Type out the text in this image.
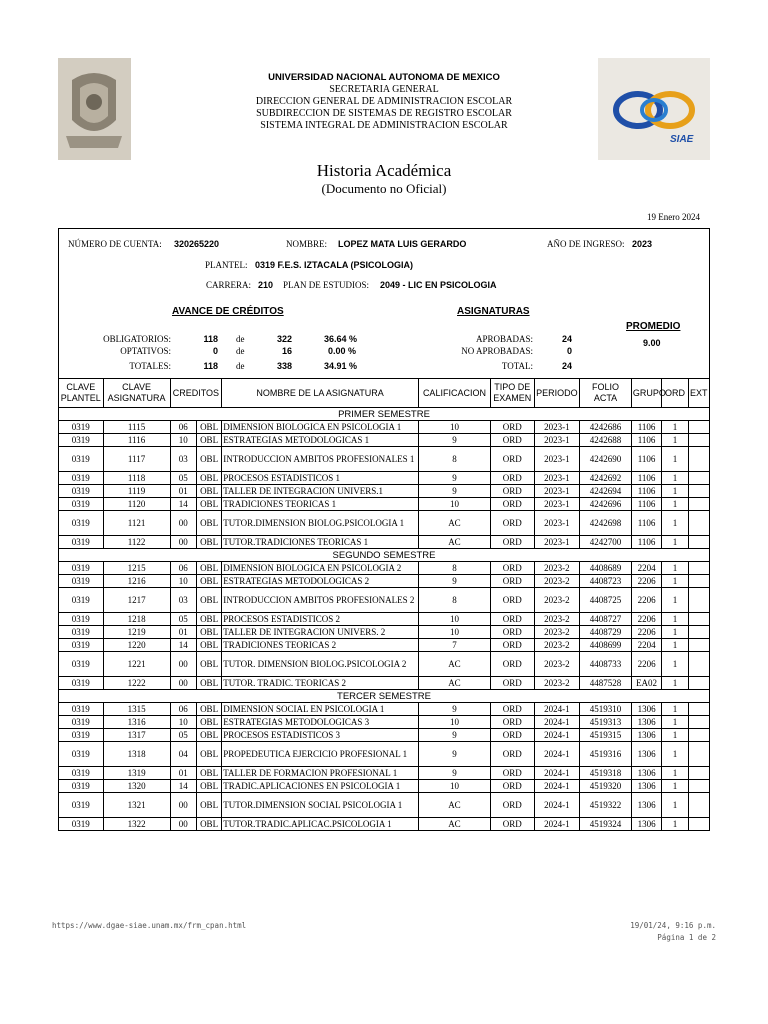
SIAE
UNIVERSIDAD NACIONAL AUTONOMA DE MEXICO
SECRETARIA GENERAL
DIRECCION GENERAL DE ADMINISTRACION ESCOLAR
SUBDIRECCION DE SISTEMAS DE REGISTRO ESCOLAR
SISTEMA INTEGRAL DE ADMINISTRACION ESCOLAR
Historia Académica
(Documento no Oficial)
19 Enero 2024
NÚMERO DE CUENTA: 320265220	NOMBRE: LOPEZ MATA LUIS GERARDO	AÑO DE INGRESO: 2023
PLANTEL: 0319 F.E.S. IZTACALA (PSICOLOGIA)
CARRERA: 210 PLAN DE ESTUDIOS: 2049 - LIC EN PSICOLOGIA
AVANCE DE CRÉDITOS	ASIGNATURAS
PROMEDIO
9.00
OBLIGATORIOS:	118 de	322	36.64 %
OPTATIVOS:	0 de	16	0.00 %
TOTALES:	118 de	338	34.91 %
APROBADAS:	24
NO APROBADAS:	0
TOTAL:	24
CLAVE PLANTEL	CLAVE ASIGNATURA	CREDITOS		NOMBRE DE LA ASIGNATURA	CALIFICACION	TIPO DE EXAMEN	PERIODO	FOLIO ACTA	GRUPO	ORD	EXT
PRIMER SEMESTRE											
0319	1115	06	OBL	DIMENSION BIOLOGICA EN PSICOLOGIA 1	10	ORD	2023-1	4242686	1106	1	
0319	1116	10	OBL	ESTRATEGIAS METODOLOGICAS 1	9	ORD	2023-1	4242688	1106	1	
0319	1117	03	OBL	INTRODUCCION AMBITOS PROFESIONALES 1	8	ORD	2023-1	4242690	1106	1	
0319	1118	05	OBL	PROCESOS ESTADISTICOS 1	9	ORD	2023-1	4242692	1106	1	
0319	1119	01	OBL	TALLER DE INTEGRACION UNIVERS.1	9	ORD	2023-1	4242694	1106	1	
0319	1120	14	OBL	TRADICIONES TEORICAS 1	10	ORD	2023-1	4242696	1106	1	
0319	1121	00	OBL	TUTOR.DIMENSION BIOLOG.PSICOLOGIA 1	AC	ORD	2023-1	4242698	1106	1	
0319	1122	00	OBL	TUTOR.TRADICIONES TEORICAS 1	AC	ORD	2023-1	4242700	1106	1	
SEGUNDO SEMESTRE											
0319	1215	06	OBL	DIMENSION BIOLOGICA EN PSICOLOGIA 2	8	ORD	2023-2	4408689	2204	1	
0319	1216	10	OBL	ESTRATEGIAS METODOLOGICAS 2	9	ORD	2023-2	4408723	2206	1	
0319	1217	03	OBL	INTRODUCCION AMBITOS PROFESIONALES 2	8	ORD	2023-2	4408725	2206	1	
0319	1218	05	OBL	PROCESOS ESTADISTICOS 2	10	ORD	2023-2	4408727	2206	1	
0319	1219	01	OBL	TALLER DE INTEGRACION UNIVERS. 2	10	ORD	2023-2	4408729	2206	1	
0319	1220	14	OBL	TRADICIONES TEORICAS 2	7	ORD	2023-2	4408699	2204	1	
0319	1221	00	OBL	TUTOR. DIMENSION BIOLOG.PSICOLOGIA 2	AC	ORD	2023-2	4408733	2206	1	
0319	1222	00	OBL	TUTOR. TRADIC. TEORICAS 2	AC	ORD	2023-2	4487528	EA02	1	
TERCER SEMESTRE											
0319	1315	06	OBL	DIMENSION SOCIAL EN PSICOLOGIA 1	9	ORD	2024-1	4519310	1306	1	
0319	1316	10	OBL	ESTRATEGIAS METODOLOGICAS 3	10	ORD	2024-1	4519313	1306	1	
0319	1317	05	OBL	PROCESOS ESTADISTICOS 3	9	ORD	2024-1	4519315	1306	1	
0319	1318	04	OBL	PROPEDEUTICA EJERCICIO PROFESIONAL 1	9	ORD	2024-1	4519316	1306	1	
0319	1319	01	OBL	TALLER DE FORMACION PROFESIONAL 1	9	ORD	2024-1	4519318	1306	1	
0319	1320	14	OBL	TRADIC.APLICACIONES EN PSICOLOGIA 1	10	ORD	2024-1	4519320	1306	1	
0319	1321	00	OBL	TUTOR.DIMENSION SOCIAL PSICOLOGIA 1	AC	ORD	2024-1	4519322	1306	1	
0319	1322	00	OBL	TUTOR.TRADIC.APLICAC.PSICOLOGIA 1	AC	ORD	2024-1	4519324	1306	1	
https://www.dgae-siae.unam.mx/frm_cpan.html	19/01/24, 9:16 p.m.
Página 1 de 2
